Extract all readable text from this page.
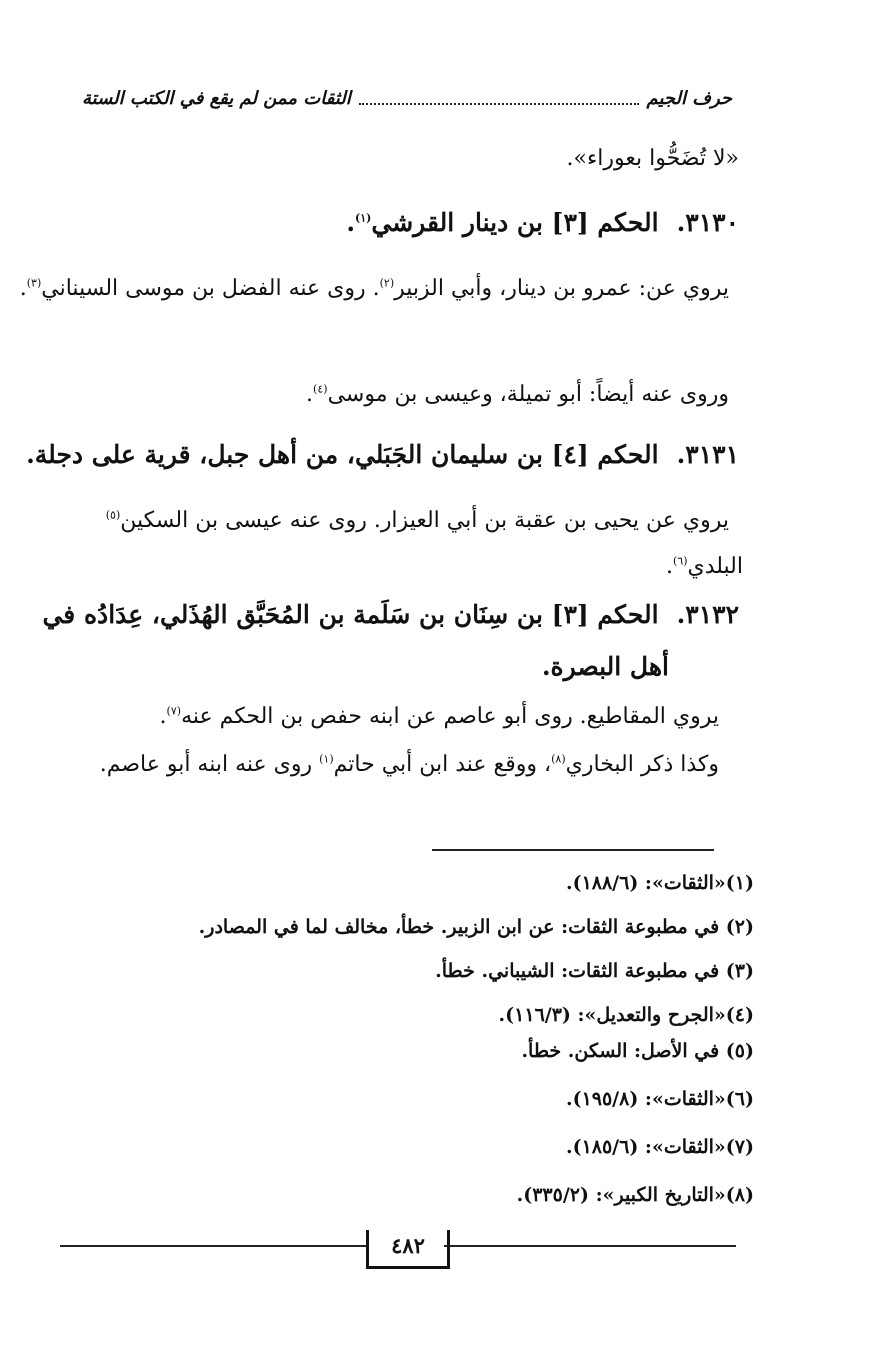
حرف الجيم
الثقات ممن لم يقع في الكتب الستة
«لا تُضَحُّوا بعوراء».
٣١٣٠.الحكم [٣] بن دينار القرشي$^{(١)}$.
يروي عن: عمرو بن دينار، وأبي الزبير$^{(٢)}$. روى عنه الفضل بن موسى السيناني$^{(٣)}$.
وروى عنه أيضاً: أبو تميلة، وعيسى بن موسى$^{(٤)}$.
٣١٣١.الحكم [٤] بن سليمان الجَبَلي، من أهل جبل، قرية على دجلة.
يروي عن يحيى بن عقبة بن أبي العيزار. روى عنه عيسى بن السكين$^{(٥)}$
البلدي$^{(٦)}$.
٣١٣٢.الحكم [٣] بن سِنَان بن سَلَمة بن المُحَبَّق الهُذَلي، عِدَادُه في
أهل البصرة.
يروي المقاطيع. روى أبو عاصم عن ابنه حفص بن الحكم عنه$^{(٧)}$.
وكذا ذكر البخاري$^{(٨)}$، ووقع عند ابن أبي حاتم$^{(١)}$ روى عنه ابنه أبو عاصم.
(١)«الثقات»: (١٨٨/٦).
(٢) في مطبوعة الثقات: عن ابن الزبير. خطأ، مخالف لما في المصادر.
(٣) في مطبوعة الثقات: الشيباني. خطأ.
(٤)«الجرح والتعديل»: (١١٦/٣).
(٥) في الأصل: السكن. خطأ.
(٦)«الثقات»: (١٩٥/٨).
(٧)«الثقات»: (١٨٥/٦).
(٨)«التاريخ الكبير»: (٣٣٥/٢).
٤٨٢
